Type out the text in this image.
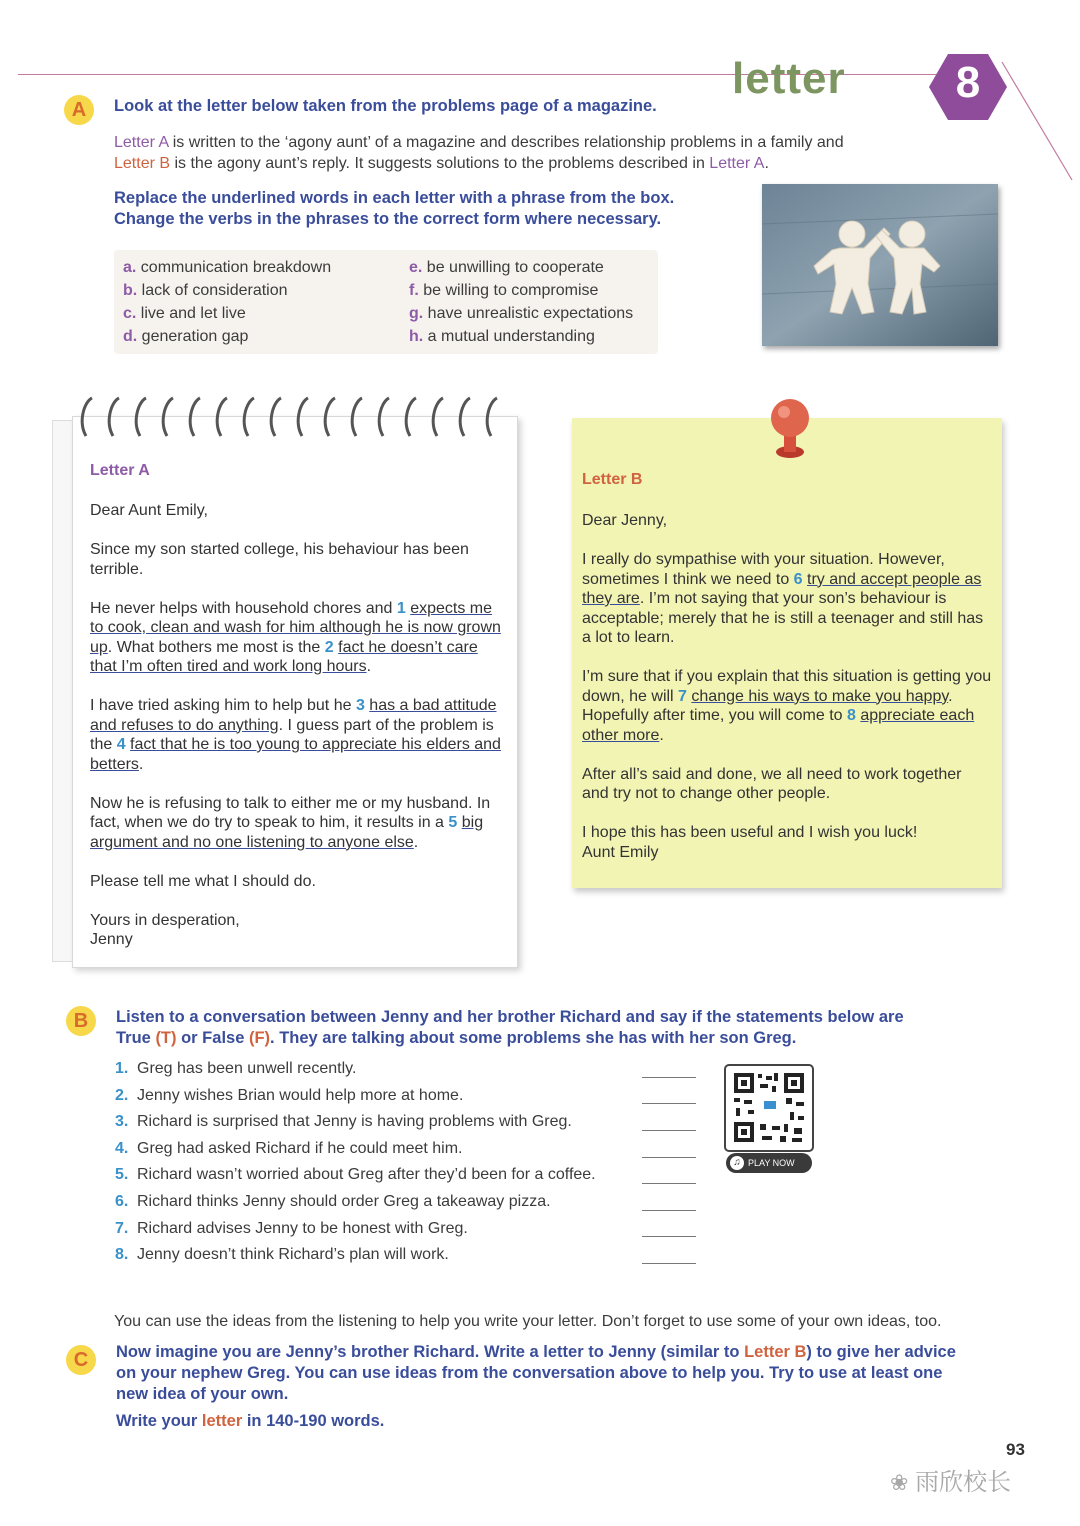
letter	8
A	Look at the letter below taken from the problems page of a magazine.
Letter A is written to the ‘agony aunt’ of a magazine and describes relationship problems in a family and Letter B is the agony aunt’s reply. It suggests solutions to the problems described in Letter A.
Replace the underlined words in each letter with a phrase from the box.
Change the verbs in the phrases to the correct form where necessary.
a. communication breakdown
b. lack of consideration
c. live and let live
d. generation gap
e. be unwilling to cooperate
f. be willing to compromise
g. have unrealistic expectations
h. a mutual understanding
Letter A

Dear Aunt Emily,

Since my son started college, his behaviour has been terrible.

He never helps with household chores and 1 expects me to cook, clean and wash for him although he is now grown up. What bothers me most is the 2 fact he doesn’t care that I’m often tired and work long hours.

I have tried asking him to help but he 3 has a bad attitude and refuses to do anything. I guess part of the problem is the 4 fact that he is too young to appreciate his elders and betters.

Now he is refusing to talk to either me or my husband. In fact, when we do try to speak to him, it results in a 5 big argument and no one listening to anyone else.

Please tell me what I should do.

Yours in desperation,
Jenny
Letter B

Dear Jenny,

I really do sympathise with your situation. However, sometimes I think we need to 6 try and accept people as they are. I’m not saying that your son’s behaviour is acceptable; merely that he is still a teenager and still has a lot to learn.

I’m sure that if you explain that this situation is getting you down, he will 7 change his ways to make you happy. Hopefully after time, you will come to 8 appreciate each other more.

After all’s said and done, we all need to work together and try not to change other people.

I hope this has been useful and I wish you luck!
Aunt Emily
B	Listen to a conversation between Jenny and her brother Richard and say if the statements below are True (T) or False (F). They are talking about some problems she has with her son Greg.
1. Greg has been unwell recently.
2. Jenny wishes Brian would help more at home.
3. Richard is surprised that Jenny is having problems with Greg.
4. Greg had asked Richard if he could meet him.
5. Richard wasn’t worried about Greg after they’d been for a coffee.
6. Richard thinks Jenny should order Greg a takeaway pizza.
7. Richard advises Jenny to be honest with Greg.
8. Jenny doesn’t think Richard’s plan will work.
♫ PLAY NOW
You can use the ideas from the listening to help you write your letter. Don’t forget to use some of your own ideas, too.
C	Now imagine you are Jenny’s brother Richard. Write a letter to Jenny (similar to Letter B) to give her advice on your nephew Greg. You can use ideas from the conversation above to help you. Try to use at least one new idea of your own.
Write your letter in 140-190 words.
93
❀ 雨欣校长
